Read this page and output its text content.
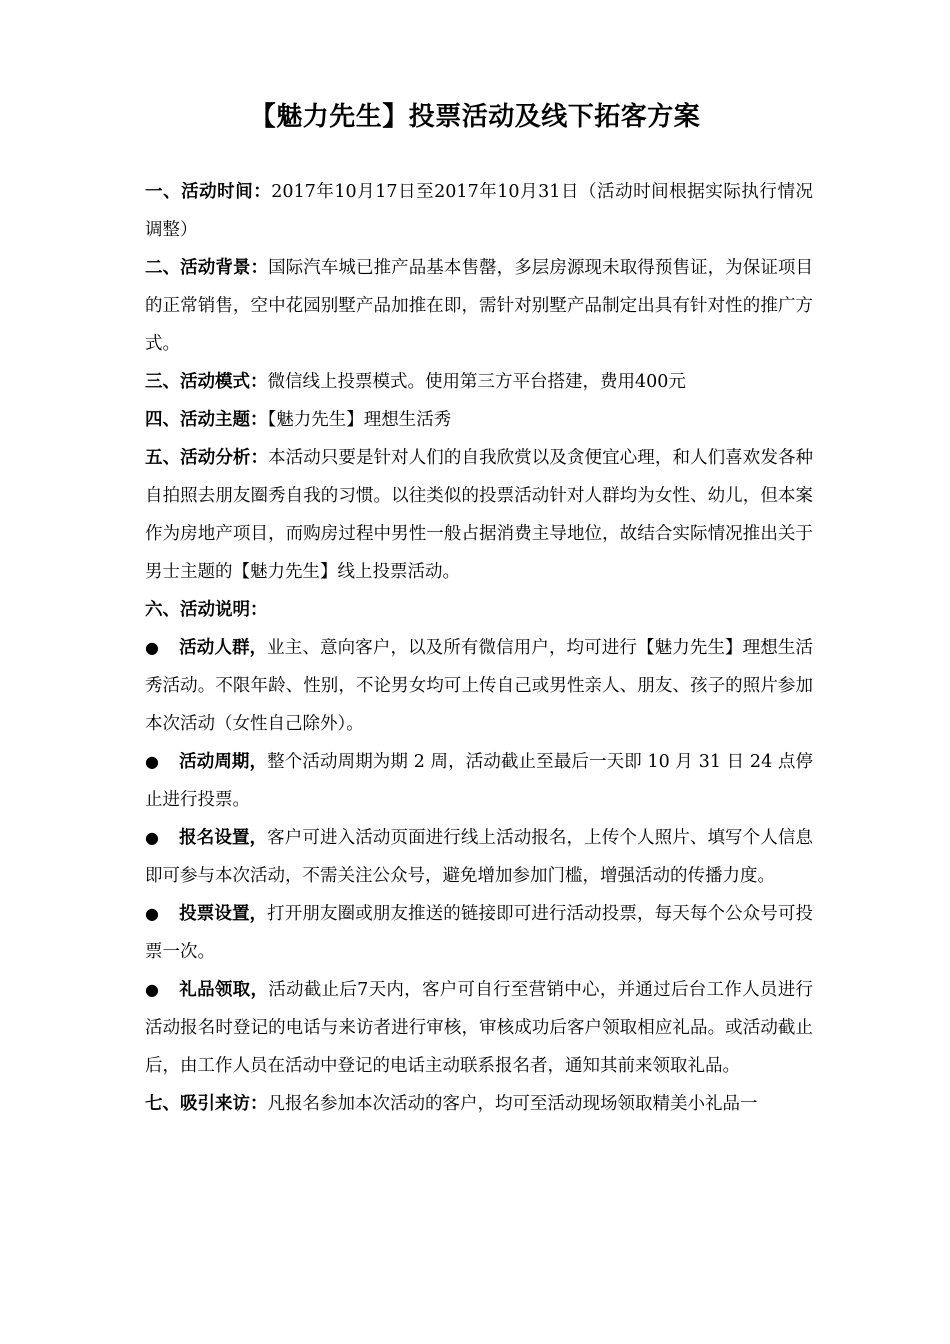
【魅力先生】投票活动及线下拓客方案

一、活动时间：2017年10月17日至2017年10月31日（活动时间根据实际执行情况调整）

二、活动背景：国际汽车城已推产品基本售罄，多层房源现未取得预售证，为保证项目的正常销售，空中花园别墅产品加推在即，需针对别墅产品制定出具有针对性的推广方式。

三、活动模式：微信线上投票模式。使用第三方平台搭建，费用400元

四、活动主题：【魅力先生】理想生活秀

五、活动分析：本活动只要是针对人们的自我欣赏以及贪便宜心理，和人们喜欢发各种自拍照去朋友圈秀自我的习惯。以往类似的投票活动针对人群均为女性、幼儿，但本案作为房地产项目，而购房过程中男性一般占据消费主导地位，故结合实际情况推出关于男士主题的【魅力先生】线上投票活动。

六、活动说明：

● 活动人群，业主、意向客户，以及所有微信用户，均可进行【魅力先生】理想生活秀活动。不限年龄、性别，不论男女均可上传自己或男性亲人、朋友、孩子的照片参加本次活动（女性自己除外）。

● 活动周期，整个活动周期为期 2 周，活动截止至最后一天即 10 月 31 日 24 点停止进行投票。

● 报名设置，客户可进入活动页面进行线上活动报名，上传个人照片、填写个人信息即可参与本次活动，不需关注公众号，避免增加参加门槛，增强活动的传播力度。

● 投票设置，打开朋友圈或朋友推送的链接即可进行活动投票，每天每个公众号可投票一次。

● 礼品领取，活动截止后7天内，客户可自行至营销中心，并通过后台工作人员进行活动报名时登记的电话与来访者进行审核，审核成功后客户领取相应礼品。或活动截止后，由工作人员在活动中登记的电话主动联系报名者，通知其前来领取礼品。

七、吸引来访：凡报名参加本次活动的客户，均可至活动现场领取精美小礼品一
